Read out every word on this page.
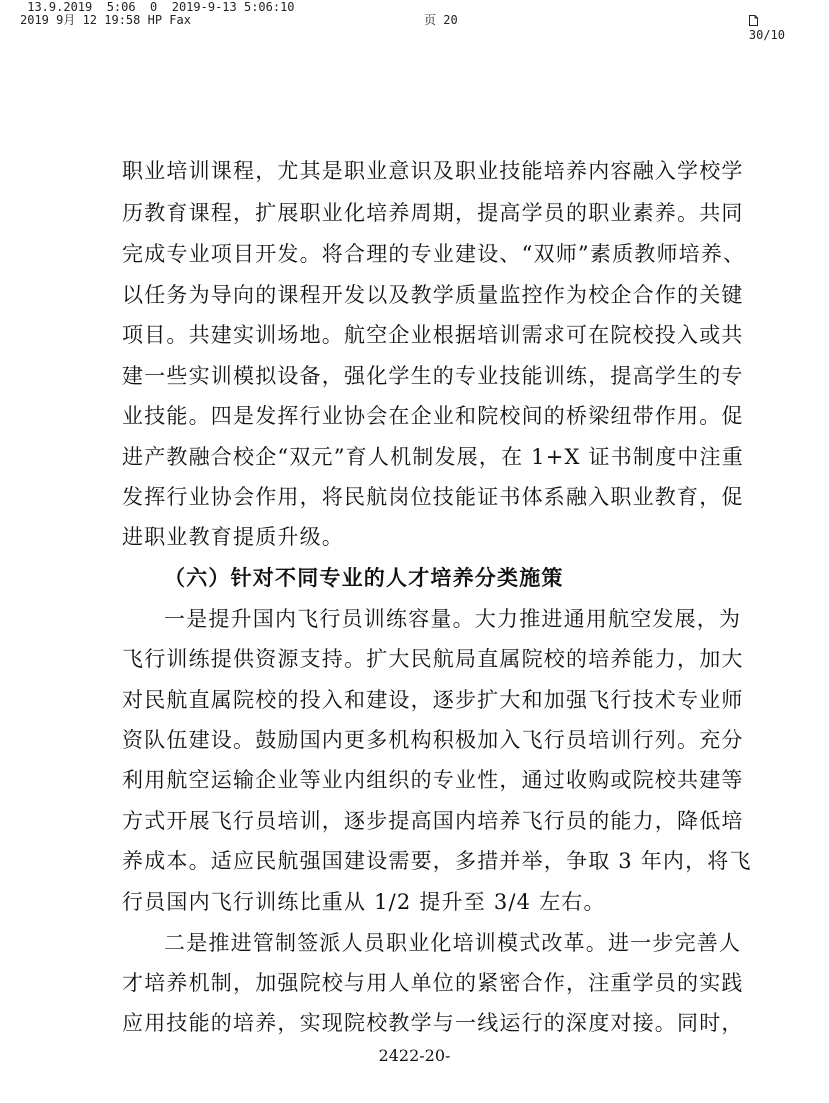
13.9.2019  5:06  0  2019-9-13 5:06:10
2019 9月 12 19:58 HP Fax	页 20

30/10

职业培训课程，尤其是职业意识及职业技能培养内容融入学校学
历教育课程，扩展职业化培养周期，提高学员的职业素养。共同
完成专业项目开发。将合理的专业建设、“双师”素质教师培养、
以任务为导向的课程开发以及教学质量监控作为校企合作的关键
项目。共建实训场地。航空企业根据培训需求可在院校投入或共
建一些实训模拟设备，强化学生的专业技能训练，提高学生的专
业技能。四是发挥行业协会在企业和院校间的桥梁纽带作用。促
进产教融合校企“双元”育人机制发展，在 1+X 证书制度中注重
发挥行业协会作用，将民航岗位技能证书体系融入职业教育，促
进职业教育提质升级。
（六）针对不同专业的人才培养分类施策
一是提升国内飞行员训练容量。大力推进通用航空发展，为
飞行训练提供资源支持。扩大民航局直属院校的培养能力，加大
对民航直属院校的投入和建设，逐步扩大和加强飞行技术专业师
资队伍建设。鼓励国内更多机构积极加入飞行员培训行列。充分
利用航空运输企业等业内组织的专业性，通过收购或院校共建等
方式开展飞行员培训，逐步提高国内培养飞行员的能力，降低培
养成本。适应民航强国建设需要，多措并举，争取 3 年内，将飞
行员国内飞行训练比重从 1/2 提升至 3/4 左右。
二是推进管制签派人员职业化培训模式改革。进一步完善人
才培养机制，加强院校与用人单位的紧密合作，注重学员的实践
应用技能的培养，实现院校教学与一线运行的深度对接。同时，
2422-20-
